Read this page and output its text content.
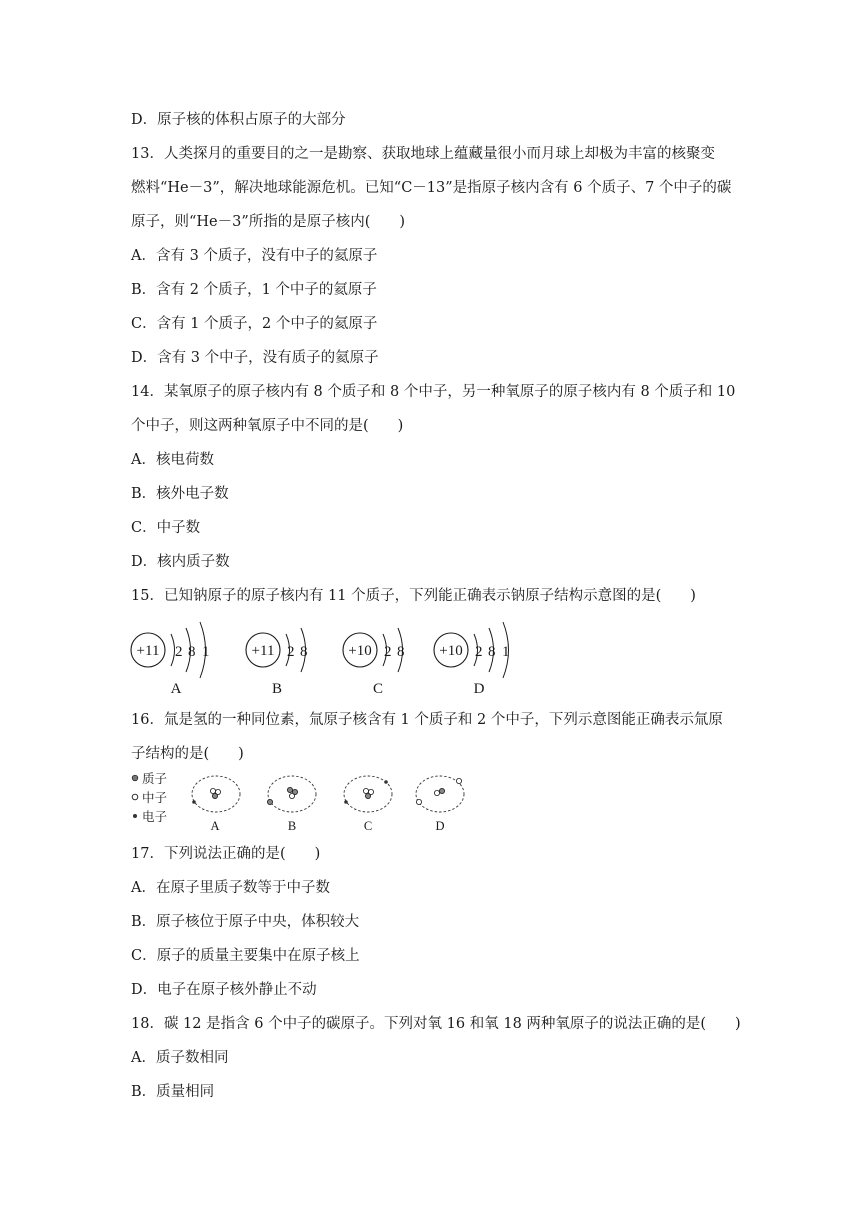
D．原子核的体积占原子的大部分
13．人类探月的重要目的之一是勘察、获取地球上蕴藏量很小而月球上却极为丰富的核聚变
燃料“He－3”，解决地球能源危机。已知“C－13”是指原子核内含有 6 个质子、7 个中子的碳
原子，则“He－3”所指的是原子核内(　　)
A．含有 3 个质子，没有中子的氦原子
B．含有 2 个质子，1 个中子的氦原子
C．含有 1 个质子，2 个中子的氦原子
D．含有 3 个中子，没有质子的氦原子
14．某氧原子的原子核内有 8 个质子和 8 个中子，另一种氧原子的原子核内有 8 个质子和 10
个中子，则这两种氧原子中不同的是(　　)
A．核电荷数
B．核外电子数
C．中子数
D．核内质子数
15．已知钠原子的原子核内有 11 个质子，下列能正确表示钠原子结构示意图的是(　　)
+11 2 8 1
A
+11 2 8
B
+10 2 8
C
+10 2 8 1
D
16．氚是氢的一种同位素，氚原子核含有 1 个质子和 2 个中子，下列示意图能正确表示氚原
子结构的是(　　)
质子
中子
电子
A	B	C	D
17．下列说法正确的是(　　)
A．在原子里质子数等于中子数
B．原子核位于原子中央，体积较大
C．原子的质量主要集中在原子核上
D．电子在原子核外静止不动
18．碳 12 是指含 6 个中子的碳原子。下列对氧 16 和氧 18 两种氧原子的说法正确的是(　　)
A．质子数相同
B．质量相同
